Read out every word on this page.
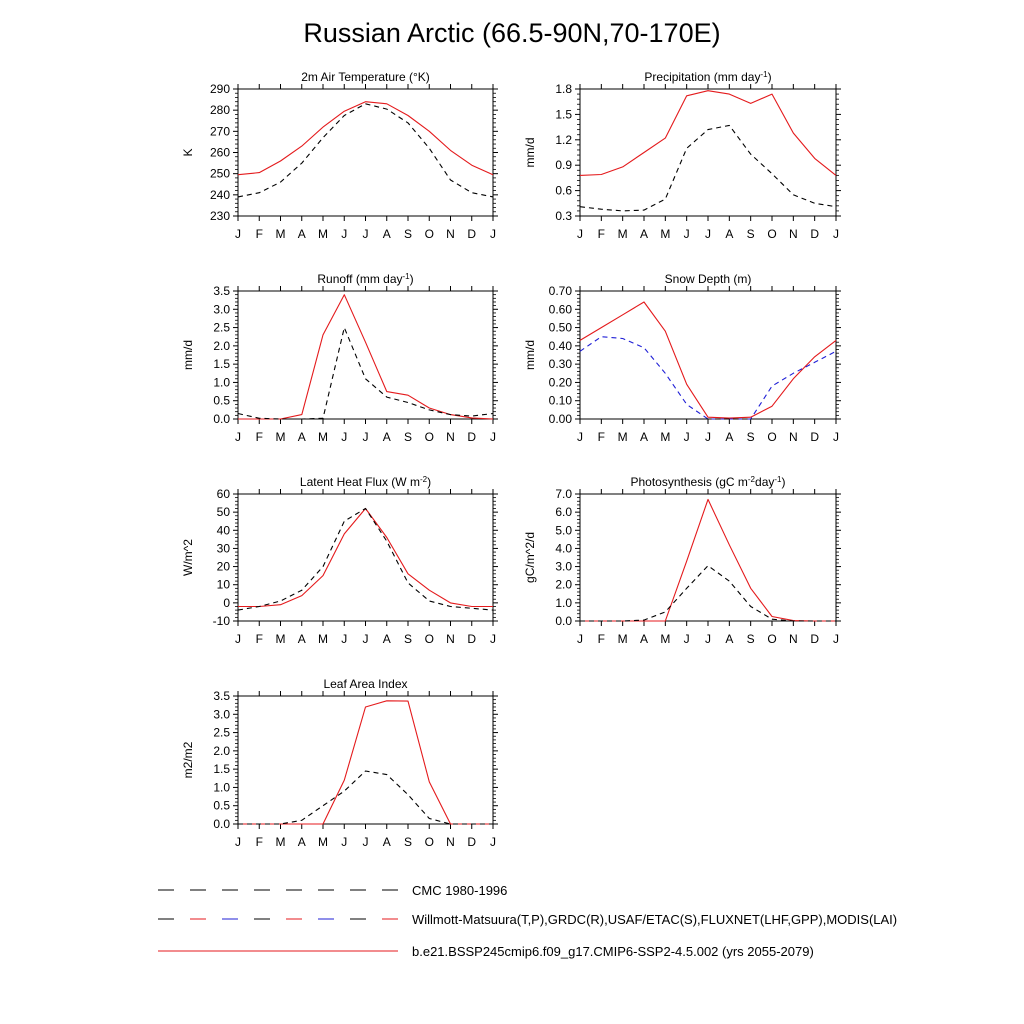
Russian Arctic (66.5-90N,70-170E)
2m Air Temperature (°K)
K
230
240
250
260
270
280
290
J F M A M J J A S O N D J
Precipitation (mm day$^{-1}$)
mm/d
0.3
0.6
0.9
1.2
1.5
1.8
J F M A M J J A S O N D J
Runoff (mm day$^{-1}$)
mm/d
0.0
0.5
1.0
1.5
2.0
2.5
3.0
3.5
J F M A M J J A S O N D J
Snow Depth (m)
mm/d
0.00
0.10
0.20
0.30
0.40
0.50
0.60
0.70
J F M A M J J A S O N D J
Latent Heat Flux (W $m^{-2}$)
W/m^2
-10
0
10
20
30
40
50
60
J F M A M J J A S O N D J
Photosynthesis (gC $m^{-2}day^{-1}$)
gC/m^2/d
0.0
1.0
2.0
3.0
4.0
5.0
6.0
7.0
J F M A M J J A S O N D J
Leaf Area Index
m2/m2
0.0
0.5
1.0
1.5
2.0
2.5
3.0
3.5
J F M A M J J A S O N D J
CMC 1980-1996
Willmott-Matsuura(T,P),GRDC(R),USAF/ETAC(S),FLUXNET(LHF,GPP),MODIS(LAI)
b.e21.BSSP245cmip6.f09_g17.CMIP6-SSP2-4.5.002 (yrs 2055-2079)
